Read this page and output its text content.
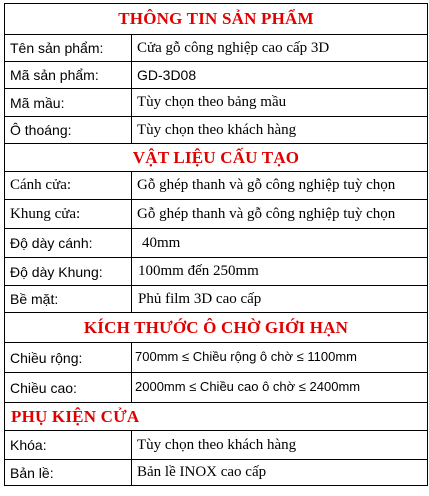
THÔNG TIN SẢN PHẨM	
Tên sản phẩm:	Cửa gỗ công nghiệp cao cấp 3D
Mã sản phẩm:	GD-3D08
Mã mầu:	Tùy chọn theo bảng mầu
Ô thoáng:	Tùy chọn theo khách hàng
VẬT LIỆU CẤU TẠO	
Cánh cửa:	Gỗ ghép thanh và gỗ công nghiệp tuỳ chọn
Khung cửa:	Gỗ ghép thanh và gỗ công nghiệp tuỳ chọn
Độ dày cánh:	40mm
Độ dày Khung:	100mm đến 250mm
Bề mặt:	Phủ film 3D cao cấp
KÍCH THƯỚC Ô CHỜ GIỚI HẠN	
Chiều rộng:	700mm ≤ Chiều rộng ô chờ ≤ 1100mm
Chiều cao:	2000mm ≤ Chiều cao ô chờ ≤ 2400mm
PHỤ KIỆN CỬA	
Khóa:	Tùy chọn theo khách hàng
Bản lề:	Bản lề INOX cao cấp
